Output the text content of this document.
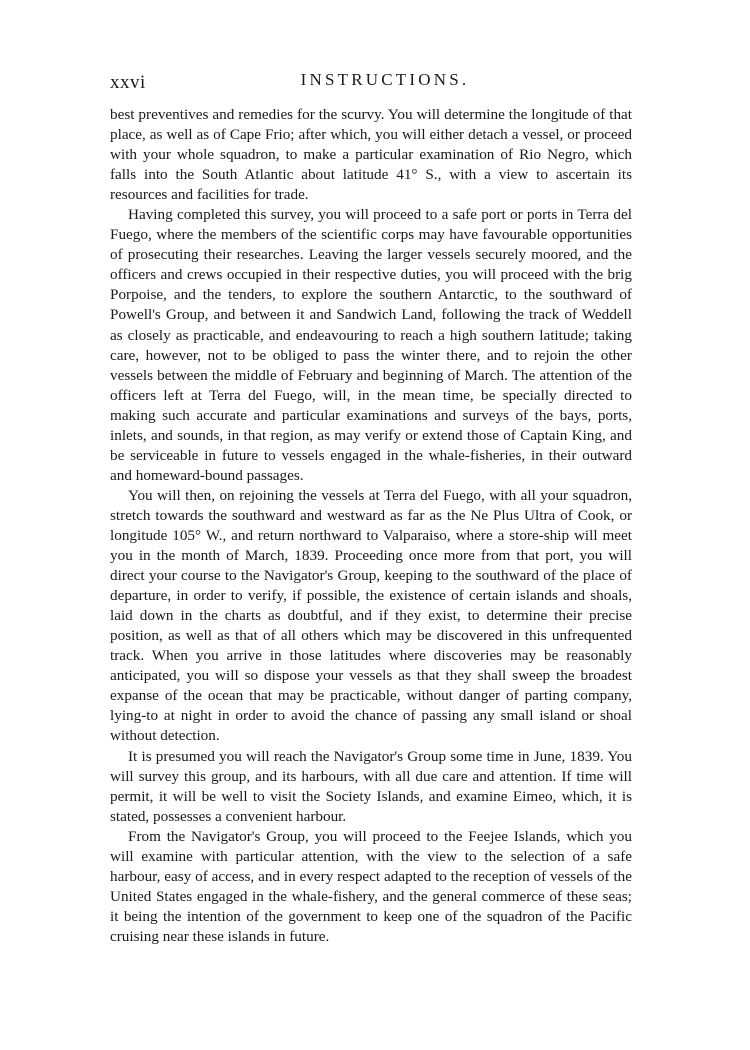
xxvi	INSTRUCTIONS.

best preventives and remedies for the scurvy. You will determine the longitude of that place, as well as of Cape Frio; after which, you will either detach a vessel, or proceed with your whole squadron, to make a particular examination of Rio Negro, which falls into the South Atlantic about latitude 41° S., with a view to ascertain its resources and facilities for trade.

Having completed this survey, you will proceed to a safe port or ports in Terra del Fuego, where the members of the scientific corps may have favourable opportunities of prosecuting their researches. Leaving the larger vessels securely moored, and the officers and crews occupied in their respective duties, you will proceed with the brig Porpoise, and the tenders, to explore the southern Antarctic, to the southward of Powell's Group, and between it and Sandwich Land, following the track of Weddell as closely as practicable, and endeavouring to reach a high southern latitude; taking care, however, not to be obliged to pass the winter there, and to rejoin the other vessels between the middle of February and beginning of March. The attention of the officers left at Terra del Fuego, will, in the mean time, be specially directed to making such accurate and particular examinations and surveys of the bays, ports, inlets, and sounds, in that region, as may verify or extend those of Captain King, and be serviceable in future to vessels engaged in the whale-fisheries, in their outward and homeward-bound passages.

You will then, on rejoining the vessels at Terra del Fuego, with all your squadron, stretch towards the southward and westward as far as the Ne Plus Ultra of Cook, or longitude 105° W., and return northward to Valparaiso, where a store-ship will meet you in the month of March, 1839. Proceeding once more from that port, you will direct your course to the Navigator's Group, keeping to the southward of the place of departure, in order to verify, if possible, the existence of certain islands and shoals, laid down in the charts as doubtful, and if they exist, to determine their precise position, as well as that of all others which may be discovered in this unfrequented track. When you arrive in those latitudes where discoveries may be reasonably anticipated, you will so dispose your vessels as that they shall sweep the broadest expanse of the ocean that may be practicable, without danger of parting company, lying-to at night in order to avoid the chance of passing any small island or shoal without detection.

It is presumed you will reach the Navigator's Group some time in June, 1839. You will survey this group, and its harbours, with all due care and attention. If time will permit, it will be well to visit the Society Islands, and examine Eimeo, which, it is stated, possesses a convenient harbour.

From the Navigator's Group, you will proceed to the Feejee Islands, which you will examine with particular attention, with the view to the selection of a safe harbour, easy of access, and in every respect adapted to the reception of vessels of the United States engaged in the whale-fishery, and the general commerce of these seas; it being the intention of the government to keep one of the squadron of the Pacific cruising near these islands in future.
